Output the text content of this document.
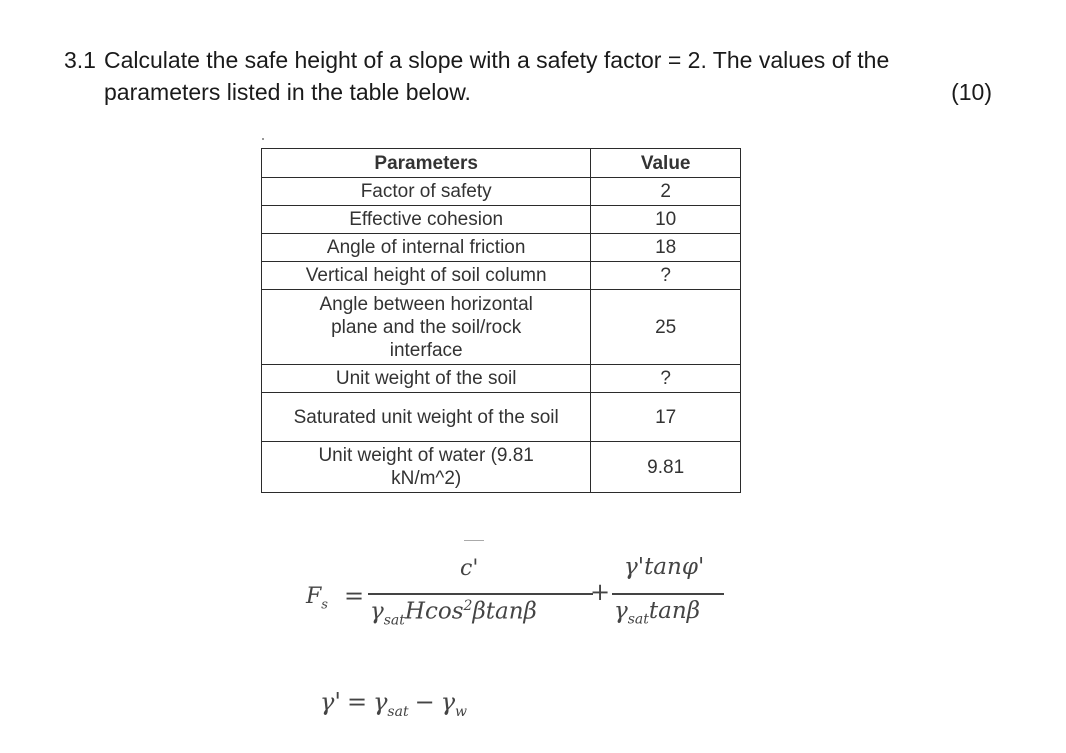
3.1 Calculate the safe height of a slope with a safety factor = 2. The values of the
parameters listed in the table below.	(10)
Parameters	Value
Factor of safety	2
Effective cohesion	10
Angle of internal friction	18
Vertical height of soil column	?
Angle between horizontal plane and the soil/rock interface	25
Unit weight of the soil	?
Saturated unit weight of the soil	17
Unit weight of water (9.81 kN/m^2)	9.81
$F_s$ =
c'
$\gamma_{sat}Hcos^2\beta\tan\beta$
+
γ'tanφ'
$\gamma_{sat}\tan\beta$
$\gamma' = \gamma_{sat} - \gamma_w$
